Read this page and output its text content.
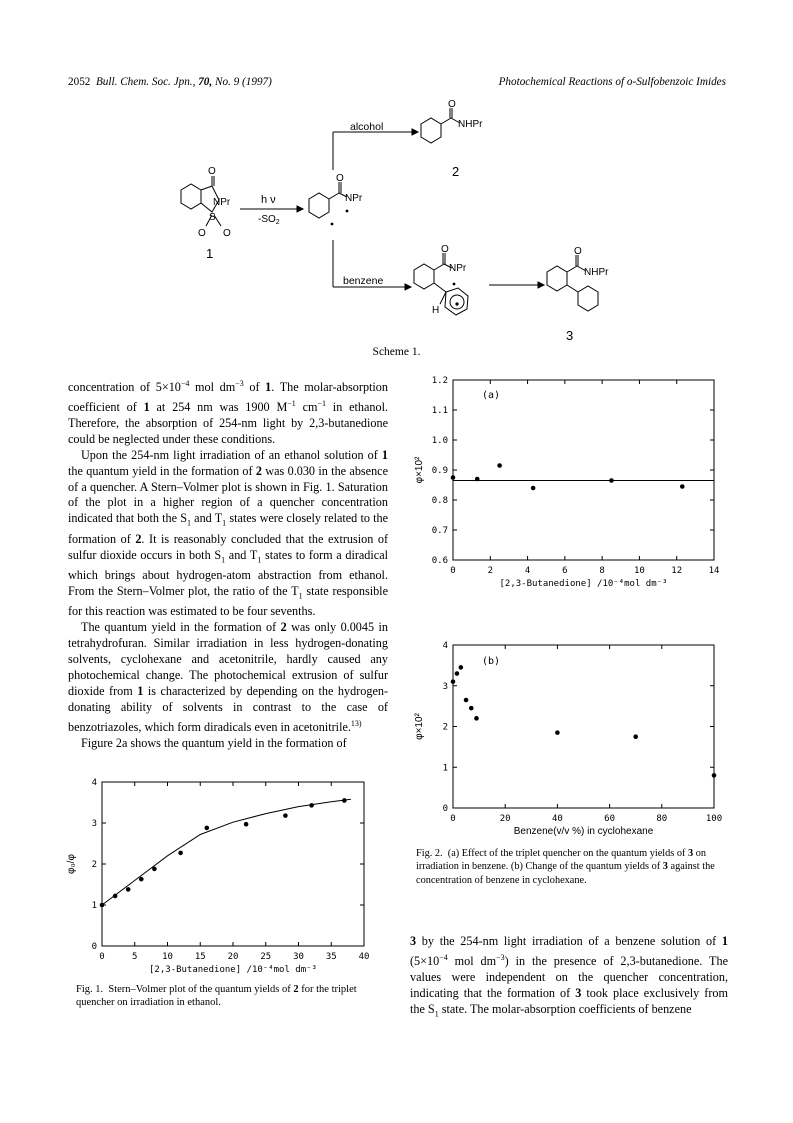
2052 Bull. Chem. Soc. Jpn., 70, No. 9 (1997)	Photochemical Reactions of o-Sulfobenzoic Imides
O
NPr
S
O O
h ν
$-SO_2$
O
NPr
alcohol
benzene
O
NHPr
O
NPr
H
O
NHPr
1
2
3
Scheme 1.

concentration of $5\times 10^{-4}$ mol $dm^{-3}$ of 1. The molar-absorption coefficient of 1 at 254 nm was 1900 $M^{-1}$ $cm^{-1}$ in ethanol. Therefore, the absorption of 254-nm light by 2,3-butanedione could be neglected under these conditions.

Upon the 254-nm light irradiation of an ethanol solution of 1 the quantum yield in the formation of 2 was 0.030 in the absence of a quencher. A Stern–Volmer plot is shown in Fig. 1. Saturation of the plot in a higher region of a quencher concentration indicated that both the $S_1$ and $T_1$ states were closely related to the formation of 2. It is reasonably concluded that the extrusion of sulfur dioxide occurs in both $S_1$ and $T_1$ states to form a diradical which brings about hydrogen-atom abstraction from ethanol. From the Stern–Volmer plot, the ratio of the $T_1$ state responsible for this reaction was estimated to be four sevenths.

The quantum yield in the formation of 2 was only 0.0045 in tetrahydrofuran. Similar irradiation in less hydrogen-donating solvents, cyclohexane and acetonitrile, hardly caused any photochemical change. The photochemical extrusion of sulfur dioxide from 1 is characterized by depending on the hydrogen-donating ability of solvents in contrast to the case of benzotriazoles, which form diradicals even in acetonitrile.$^{13)}$

Figure 2a shows the quantum yield in the formation of

0	5	10 15 20 25 30 35 40
0
1
2
3
4
[2,3-Butanedione] /10⁻⁴mol dm⁻³
φ₀/φ
Fig. 1. Stern–Volmer plot of the quantum yields of 2 for the triplet quencher on irradiation in ethanol.
0	2	4	6	8	10	12	14
0.6
0.7
0.8
0.9
1.0
1.1
1.2
[2,3-Butanedione] /10⁻⁴mol dm⁻³
φ×10²
(a)
0	20	40	60	80	100
0
1
2
3
4
Benzene(v/v %) in cyclohexane
φ×10²
(b)
Fig. 2. (a) Effect of the triplet quencher on the quantum yields of 3 on irradiation in benzene. (b) Change of the quantum yields of 3 against the concentration of benzene in cyclohexane.

3 by the 254-nm light irradiation of a benzene solution of 1 ($5\times 10^{-4}$ mol $dm^{-3}$) in the presence of 2,3-butanedione. The values were independent on the quencher concentration, indicating that the formation of 3 took place exclusively from the $S_1$ state. The molar-absorption coefficients of benzene
